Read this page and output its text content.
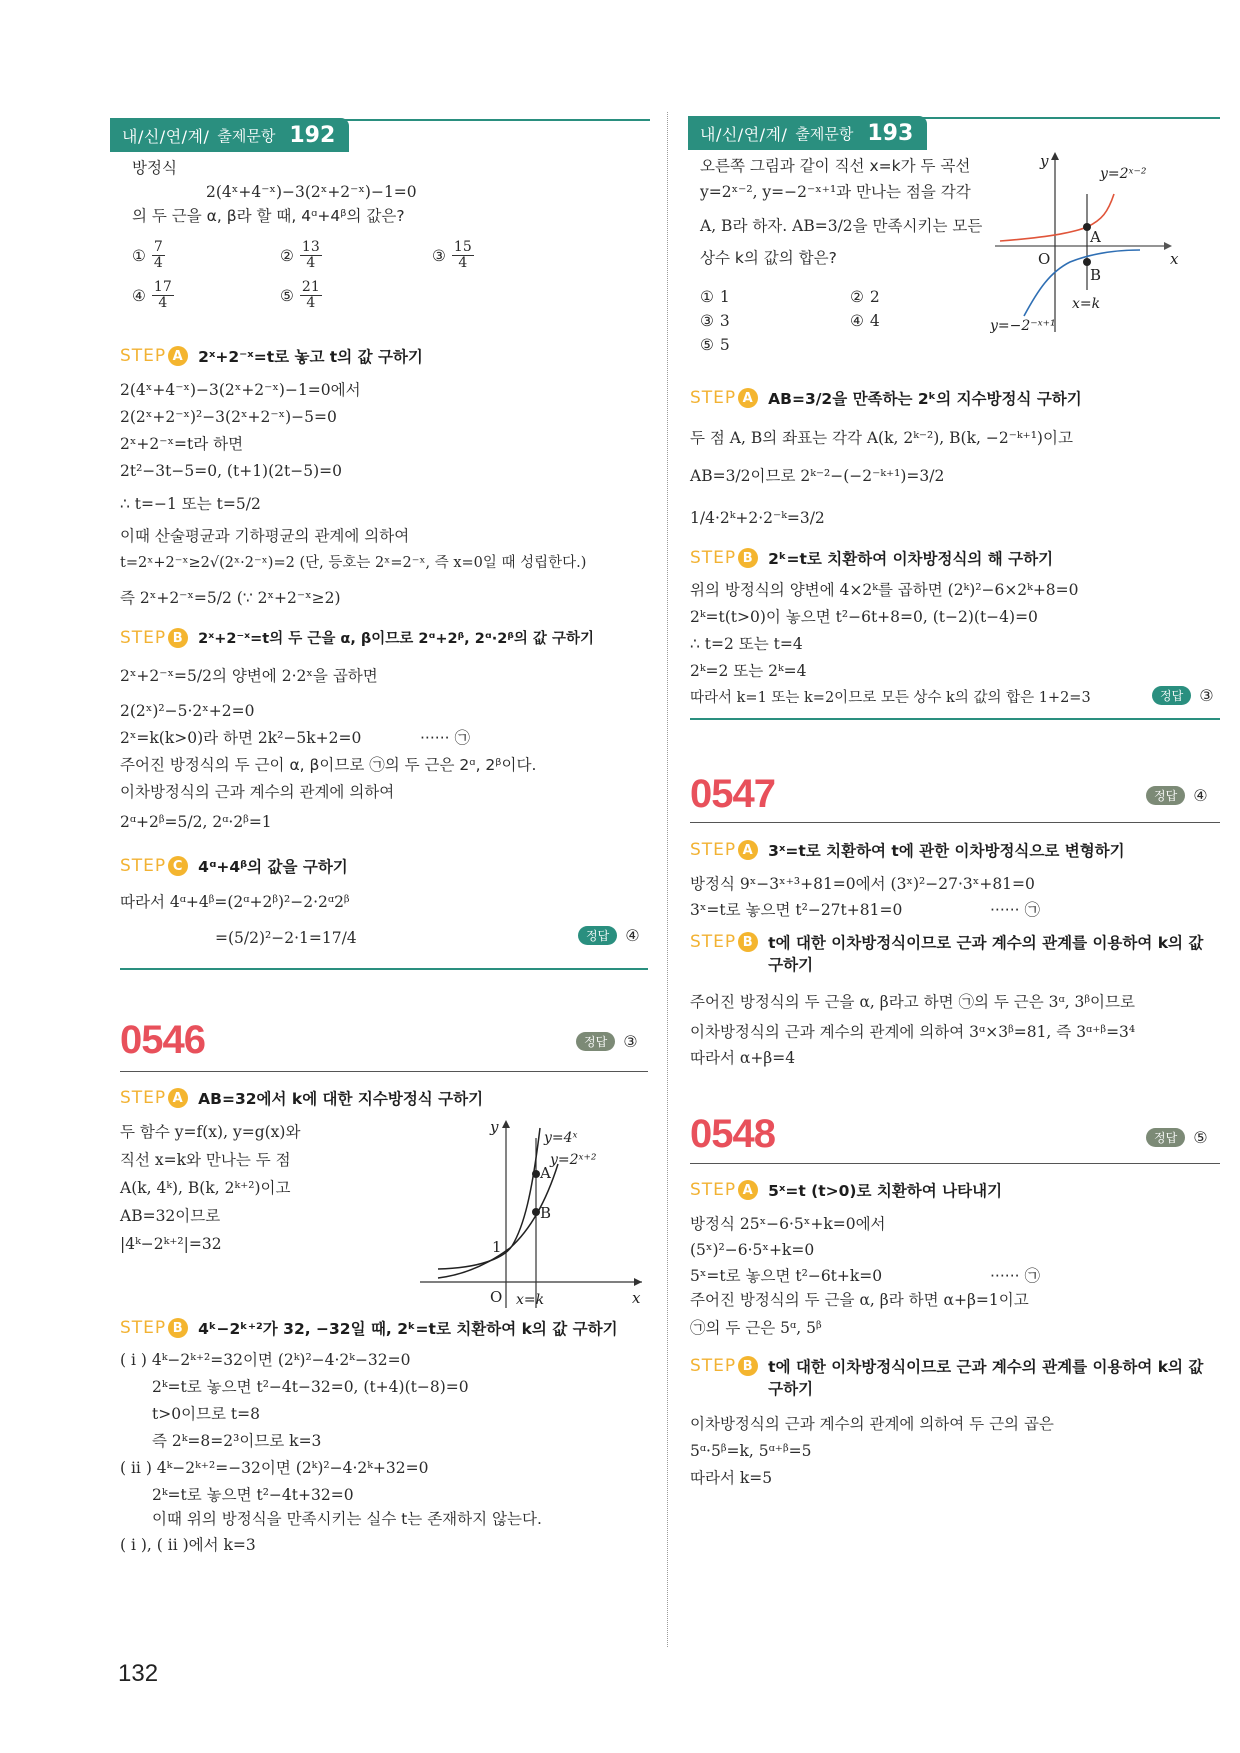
내/신/연/계/ 출제문항 192
방정식
2(4ˣ+4⁻ˣ)−3(2ˣ+2⁻ˣ)−1=0
의 두 근을 α, β라 할 때, 4ᵅ+4ᵝ의 값은?
① $\frac{7}{4}$	② $\frac{13}{4}$	③ $\frac{15}{4}$
④ $\frac{17}{4}$	⑤ $\frac{21}{4}$
STEP A 2ˣ+2⁻ˣ=t로 놓고 t의 값 구하기
2(4ˣ+4⁻ˣ)−3(2ˣ+2⁻ˣ)−1=0에서
2(2ˣ+2⁻ˣ)²−3(2ˣ+2⁻ˣ)−5=0
2ˣ+2⁻ˣ=t라 하면
2t²−3t−5=0, (t+1)(2t−5)=0
∴ t=−1 또는 t=5/2
이때 산술평균과 기하평균의 관계에 의하여
t=2ˣ+2⁻ˣ≥2√(2ˣ·2⁻ˣ)=2 (단, 등호는 2ˣ=2⁻ˣ, 즉 x=0일 때 성립한다.)
즉 2ˣ+2⁻ˣ=5/2 (∵ 2ˣ+2⁻ˣ≥2)
STEP B	2ˣ+2⁻ˣ=t의 두 근을 α, β이므로 2ᵅ+2ᵝ, 2ᵅ·2ᵝ의 값 구하기
2ˣ+2⁻ˣ=5/2의 양변에 2·2ˣ을 곱하면
2(2ˣ)²−5·2ˣ+2=0
2ˣ=k(k>0)라 하면 2k²−5k+2=0	······ ㉠
주어진 방정식의 두 근이 α, β이므로 ㉠의 두 근은 2ᵅ, 2ᵝ이다.
이차방정식의 근과 계수의 관계에 의하여
2ᵅ+2ᵝ=5/2, 2ᵅ·2ᵝ=1
STEP C 4ᵅ+4ᵝ의 값을 구하기
따라서 4ᵅ+4ᵝ=(2ᵅ+2ᵝ)²−2·2ᵅ2ᵝ
=(5/2)²−2·1=17/4	정답	④
0546	정답	③
STEP A AB=32에서 k에 대한 지수방정식 구하기
두 함수 y=f(x), y=g(x)와
직선 x=k와 만나는 두 점
A(k, 4ᵏ), B(k, 2ᵏ⁺²)이고
AB=32이므로
|4ᵏ−2ᵏ⁺²|=32
A
B
1
O x=k	x
y
y=4ˣ
y=2ˣ⁺²
STEP B 4ᵏ−2ᵏ⁺²가 32, −32일 때, 2ᵏ=t로 치환하여 k의 값 구하기
( i ) 4ᵏ−2ᵏ⁺²=32이면 (2ᵏ)²−4·2ᵏ−32=0
2ᵏ=t로 놓으면 t²−4t−32=0, (t+4)(t−8)=0
t>0이므로 t=8
즉 2ᵏ=8=2³이므로 k=3
( ii ) 4ᵏ−2ᵏ⁺²=−32이면 (2ᵏ)²−4·2ᵏ+32=0
2ᵏ=t로 놓으면 t²−4t+32=0
이때 위의 방정식을 만족시키는 실수 t는 존재하지 않는다.
( i ), ( ii )에서 k=3
내/신/연/계/ 출제문항 193
오른쪽 그림과 같이 직선 x=k가 두 곡선
y=2ˣ⁻², y=−2⁻ˣ⁺¹과 만나는 점을 각각
A, B라 하자. AB=3/2을 만족시키는 모든
상수 k의 값의 합은?
① 1	② 2
③ 3	④ 4
⑤ 5
A
B
O
x=k
x
y
y=2ˣ⁻²
y=−2⁻ˣ⁺¹
STEP A AB=3/2을 만족하는 2ᵏ의 지수방정식 구하기
두 점 A, B의 좌표는 각각 A(k, 2ᵏ⁻²), B(k, −2⁻ᵏ⁺¹)이고
AB=3/2이므로 2ᵏ⁻²−(−2⁻ᵏ⁺¹)=3/2
1/4·2ᵏ+2·2⁻ᵏ=3/2
STEP B 2ᵏ=t로 치환하여 이차방정식의 해 구하기
위의 방정식의 양변에 4×2ᵏ를 곱하면 (2ᵏ)²−6×2ᵏ+8=0
2ᵏ=t(t>0)이 놓으면 t²−6t+8=0, (t−2)(t−4)=0
∴ t=2 또는 t=4
2ᵏ=2 또는 2ᵏ=4
따라서 k=1 또는 k=2이므로 모든 상수 k의 값의 합은 1+2=3	정답	③
0547	정답	④
STEP A 3ˣ=t로 치환하여 t에 관한 이차방정식으로 변형하기
방정식 9ˣ−3ˣ⁺³+81=0에서 (3ˣ)²−27·3ˣ+81=0
3ˣ=t로 놓으면 t²−27t+81=0	······ ㉠
STEP B t에 대한 이차방정식이므로 근과 계수의 관계를 이용하여 k의 값
구하기
주어진 방정식의 두 근을 α, β라고 하면 ㉠의 두 근은 3ᵅ, 3ᵝ이므로
이차방정식의 근과 계수의 관계에 의하여 3ᵅ×3ᵝ=81, 즉 3ᵅ⁺ᵝ=3⁴
따라서 α+β=4
0548	정답	⑤
STEP A 5ˣ=t (t>0)로 치환하여 나타내기
방정식 25ˣ−6·5ˣ+k=0에서
(5ˣ)²−6·5ˣ+k=0
5ˣ=t로 놓으면 t²−6t+k=0	······ ㉠
주어진 방정식의 두 근을 α, β라 하면 α+β=1이고
㉠의 두 근은 5ᵅ, 5ᵝ
STEP B t에 대한 이차방정식이므로 근과 계수의 관계를 이용하여 k의 값
구하기
이차방정식의 근과 계수의 관계에 의하여 두 근의 곱은
5ᵅ·5ᵝ=k, 5ᵅ⁺ᵝ=5
따라서 k=5
132
